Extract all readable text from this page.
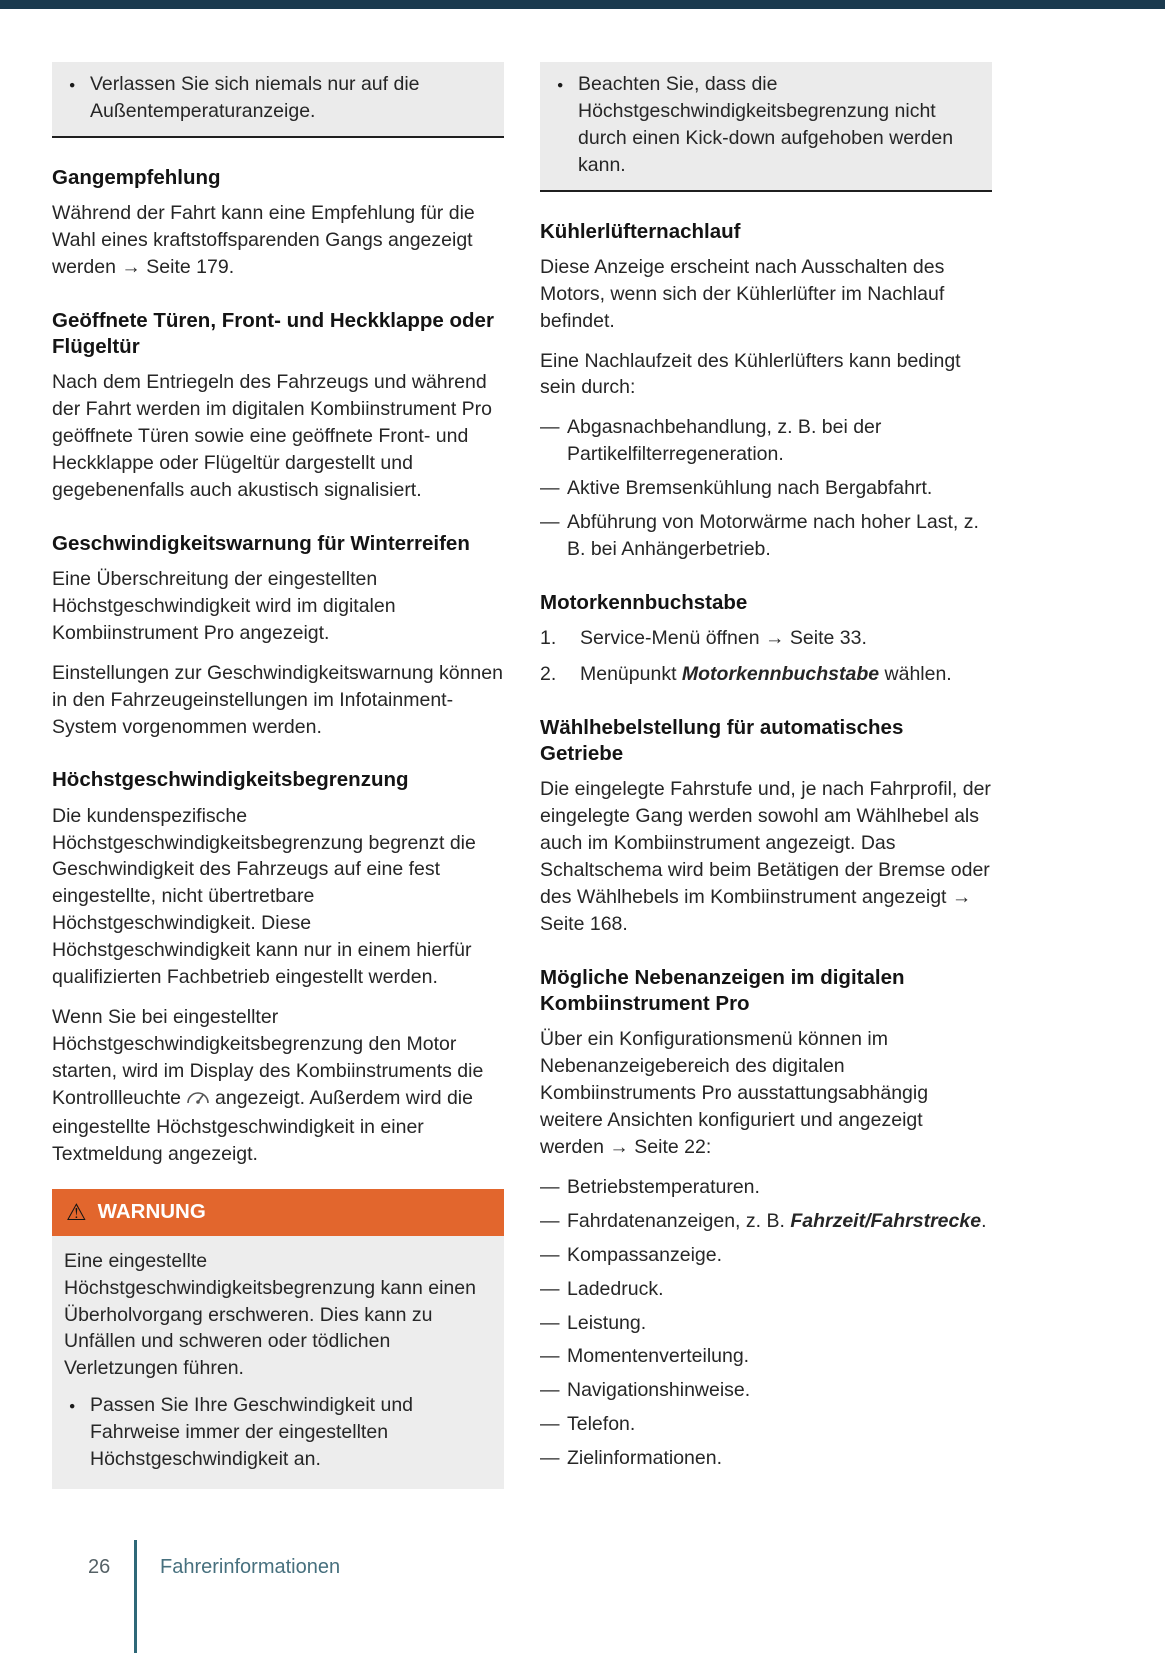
● Verlassen Sie sich niemals nur auf die Außentemperaturanzeige.
Gangempfehlung

Während der Fahrt kann eine Empfehlung für die Wahl eines kraftstoffsparenden Gangs angezeigt werden → Seite 179.

Geöffnete Türen, Front- und Heckklappe oder Flügeltür

Nach dem Entriegeln des Fahrzeugs und während der Fahrt werden im digitalen Kombiinstrument Pro geöffnete Türen sowie eine geöffnete Front- und Heckklappe oder Flügeltür dargestellt und gegebenenfalls auch akustisch signalisiert.

Geschwindigkeitswarnung für Winterreifen

Eine Überschreitung der eingestellten Höchstgeschwindigkeit wird im digitalen Kombiinstrument Pro angezeigt.

Einstellungen zur Geschwindigkeitswarnung können in den Fahrzeugeinstellungen im Infotainment-System vorgenommen werden.

Höchstgeschwindigkeitsbegrenzung

Die kundenspezifische Höchstgeschwindigkeitsbegrenzung begrenzt die Geschwindigkeit des Fahrzeugs auf eine fest eingestellte, nicht übertretbare Höchstgeschwindigkeit. Diese Höchstgeschwindigkeit kann nur in einem hierfür qualifizierten Fachbetrieb eingestellt werden.

Wenn Sie bei eingestellter Höchstgeschwindigkeitsbegrenzung den Motor starten, wird im Display des Kombiinstruments die Kontrollleuchte angezeigt. Außerdem wird die eingestellte Höchstgeschwindigkeit in einer Textmeldung angezeigt.

⚠ WARNUNG

Eine eingestellte Höchstgeschwindigkeitsbegrenzung kann einen Überholvorgang erschweren. Dies kann zu Unfällen und schweren oder tödlichen Verletzungen führen.

● Passen Sie Ihre Geschwindigkeit und Fahrweise immer der eingestellten Höchstgeschwindigkeit an.
● Beachten Sie, dass die Höchstgeschwindigkeitsbegrenzung nicht durch einen Kick-down aufgehoben werden kann.
Kühlerlüfternachlauf

Diese Anzeige erscheint nach Ausschalten des Motors, wenn sich der Kühlerlüfter im Nachlauf befindet.

Eine Nachlaufzeit des Kühlerlüfters kann bedingt sein durch:

— Abgasnachbehandlung, z. B. bei der Partikelfilterregeneration.
— Aktive Bremsenkühlung nach Bergabfahrt.
— Abführung von Motorwärme nach hoher Last, z. B. bei Anhängerbetrieb.
Motorkennbuchstabe
1.	Service-Menü öffnen → Seite 33.
2.	Menüpunkt Motorkennbuchstabe wählen.
Wählhebelstellung für automatisches Getriebe

Die eingelegte Fahrstufe und, je nach Fahrprofil, der eingelegte Gang werden sowohl am Wählhebel als auch im Kombiinstrument angezeigt. Das Schaltschema wird beim Betätigen der Bremse oder des Wählhebels im Kombiinstrument angezeigt → Seite 168.

Mögliche Nebenanzeigen im digitalen Kombiinstrument Pro

Über ein Konfigurationsmenü können im Nebenanzeigebereich des digitalen Kombiinstruments Pro ausstattungsabhängig weitere Ansichten konfiguriert und angezeigt werden → Seite 22:

— Betriebstemperaturen.
— Fahrdatenanzeigen, z. B. Fahrzeit/Fahrstrecke.
— Kompassanzeige.
— Ladedruck.
— Leistung.
— Momentenverteilung.
— Navigationshinweise.
— Telefon.
— Zielinformationen.
26 Fahrerinformationen
